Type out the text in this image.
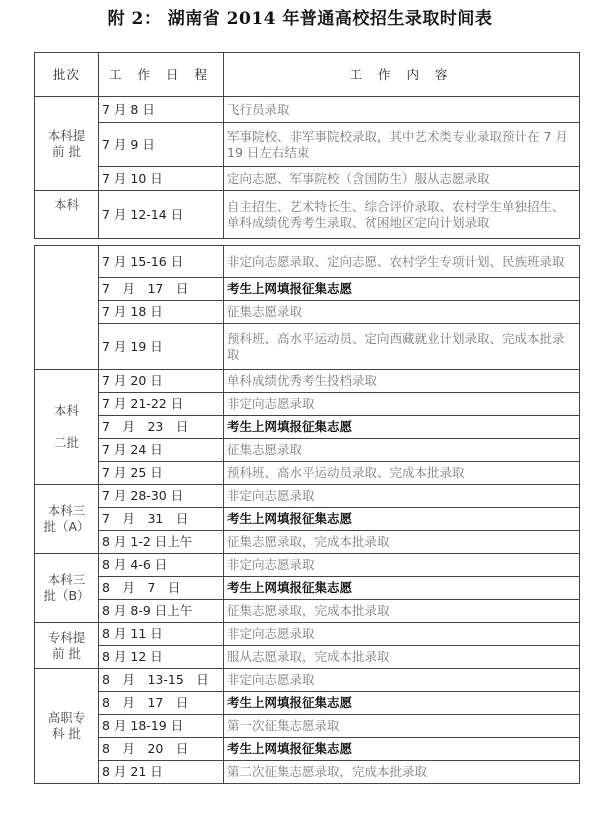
附 2： 湖南省 2014 年普通高校招生录取时间表
批次	工 作 日 程	工 作 内 容
本科提
前 批	7 月 8 日	飞行员录取
	7 月 9 日	军事院校、非军事院校录取，其中艺术类专业录取预计在 7 月 19 日左右结束
	7 月 10 日	定向志愿、军事院校（含国防生）服从志愿录取
本科	7 月 12-14 日	自主招生、艺术特长生、综合评价录取、农村学生单独招生、单科成绩优秀考生录取、贫困地区定向计划录取

	7 月 15-16 日	非定向志愿录取、定向志愿、农村学生专项计划、民族班录取
	7　月　17　日	考生上网填报征集志愿
	7 月 18 日	征集志愿录取
	7 月 19 日	预科班、高水平运动员、定向西藏就业计划录取、完成本批录取
本科

二批	7 月 20 日	单科成绩优秀考生投档录取
	7 月 21-22 日	非定向志愿录取
	7　月　23　日	考生上网填报征集志愿
	7 月 24 日	征集志愿录取
	7 月 25 日	预科班、高水平运动员录取、完成本批录取
本科三
批（A）	7 月 28-30 日	非定向志愿录取
	7　月　31　日	考生上网填报征集志愿
	8 月 1-2 日上午	征集志愿录取，完成本批录取
本科三
批（B）	8 月 4-6 日	非定向志愿录取
	8　月　7　日	考生上网填报征集志愿
	8 月 8-9 日上午	征集志愿录取，完成本批录取
专科提
前 批	8 月 11 日	非定向志愿录取
	8 月 12 日	服从志愿录取，完成本批录取
高职专
科 批	8　月　13-15　日	非定向志愿录取
	8　月　17　日	考生上网填报征集志愿
	8 月 18-19 日	第一次征集志愿录取
	8　月　20　日	考生上网填报征集志愿
	8 月 21 日	第二次征集志愿录取，完成本批录取
